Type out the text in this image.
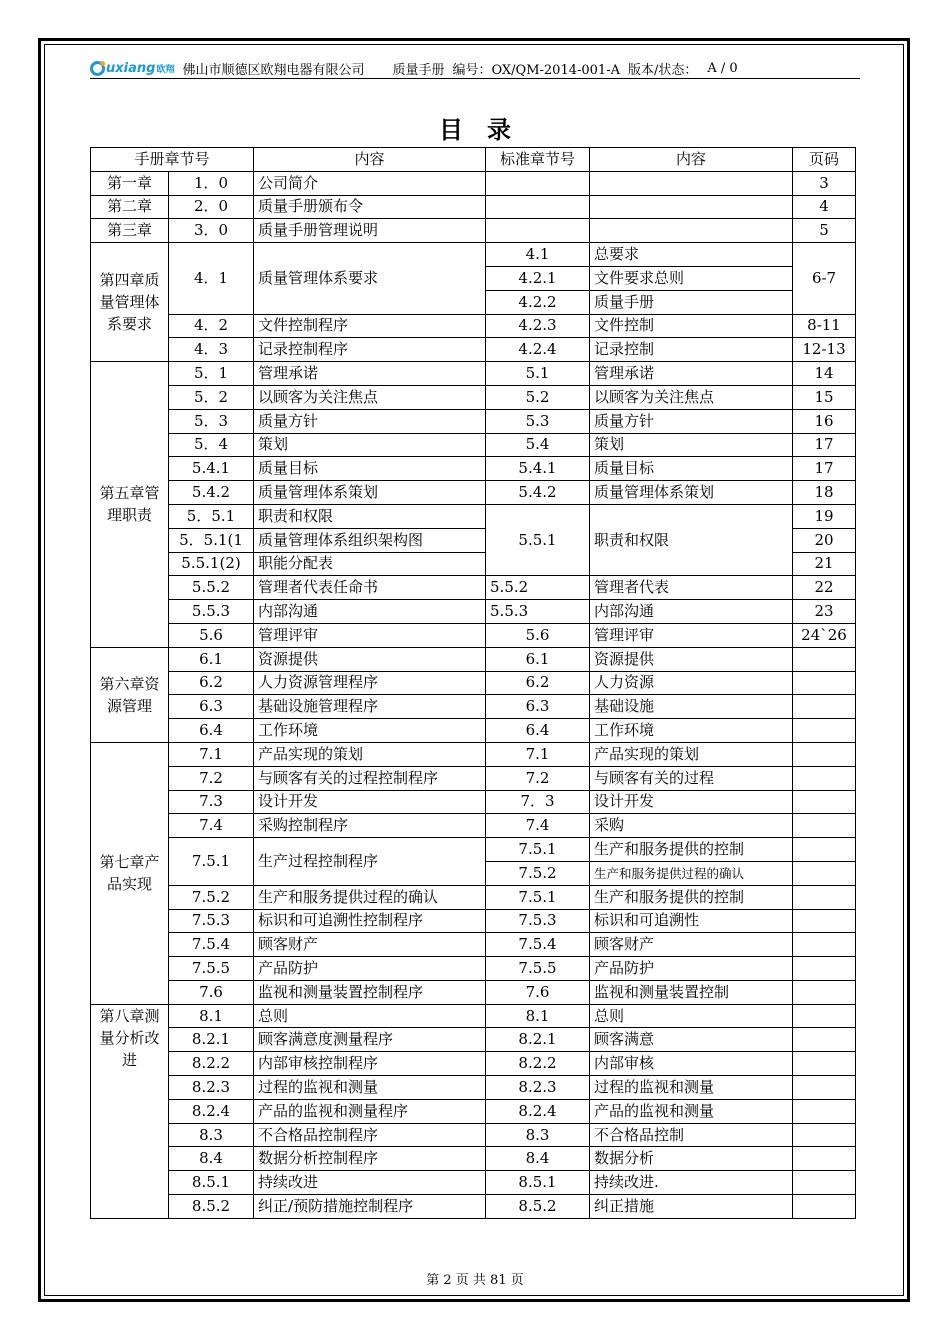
uxiang 欧翔 佛山市顺德区欧翔电器有限公司 质量手册 编号：OX/QM-2014-001-A 版本/状态： A / 0
目录
手册章节号		内容	标准章节号	内容	页码
第一章	1．0	公司简介			3
第二章	2．0	质量手册颁布令			4
第三章	3．0	质量手册管理说明			5
第四章质量管理体系要求	4．1	质量管理体系要求	4.1	总要求	6-7
			4.2.1	文件要求总则	
			4.2.2	质量手册	
	4．2	文件控制程序	4.2.3	文件控制	8-11
	4．3	记录控制程序	4.2.4	记录控制	12-13
第五章管理职责	5．1	管理承诺	5.1	管理承诺	14
	5．2	以顾客为关注焦点	5.2	以顾客为关注焦点	15
	5．3	质量方针	5.3	质量方针	16
	5．4	策划	5.4	策划	17
	5.4.1	质量目标	5.4.1	质量目标	17
	5.4.2	质量管理体系策划	5.4.2	质量管理体系策划	18
	5．5.1	职责和权限	5.5.1	职责和权限	19
	5．5.1(1	质量管理体系组织架构图			20
	5.5.1(2)	职能分配表			21
	5.5.2	管理者代表任命书	5.5.2	管理者代表	22
	5.5.3	内部沟通	5.5.3	内部沟通	23
	5.6	管理评审	5.6	管理评审	24`26
第六章资源管理	6.1	资源提供	6.1	资源提供	
	6.2	人力资源管理程序	6.2	人力资源	
	6.3	基础设施管理程序	6.3	基础设施	
	6.4	工作环境	6.4	工作环境	
第七章产品实现	7.1	产品实现的策划	7.1	产品实现的策划	
	7.2	与顾客有关的过程控制程序	7.2	与顾客有关的过程	
	7.3	设计开发	7．3	设计开发	
	7.4	采购控制程序	7.4	采购	
	7.5.1	生产过程控制程序	7.5.1	生产和服务提供的控制	
			7.5.2	生产和服务提供过程的确认	
	7.5.2	生产和服务提供过程的确认	7.5.1	生产和服务提供的控制	
	7.5.3	标识和可追溯性控制程序	7.5.3	标识和可追溯性	
	7.5.4	顾客财产	7.5.4	顾客财产	
	7.5.5	产品防护	7.5.5	产品防护	
	7.6	监视和测量装置控制程序	7.6	监视和测量装置控制	
第八章测量分析改进	8.1	总则	8.1	总则	
	8.2.1	顾客满意度测量程序	8.2.1	顾客满意	
	8.2.2	内部审核控制程序	8.2.2	内部审核	
	8.2.3	过程的监视和测量	8.2.3	过程的监视和测量	
	8.2.4	产品的监视和测量程序	8.2.4	产品的监视和测量	
	8.3	不合格品控制程序	8.3	不合格品控制	
	8.4	数据分析控制程序	8.4	数据分析	
	8.5.1	持续改进	8.5.1	持续改进.	
	8.5.2	纠正/预防措施控制程序	8.5.2	纠正措施	
第 2 页 共 81 页
